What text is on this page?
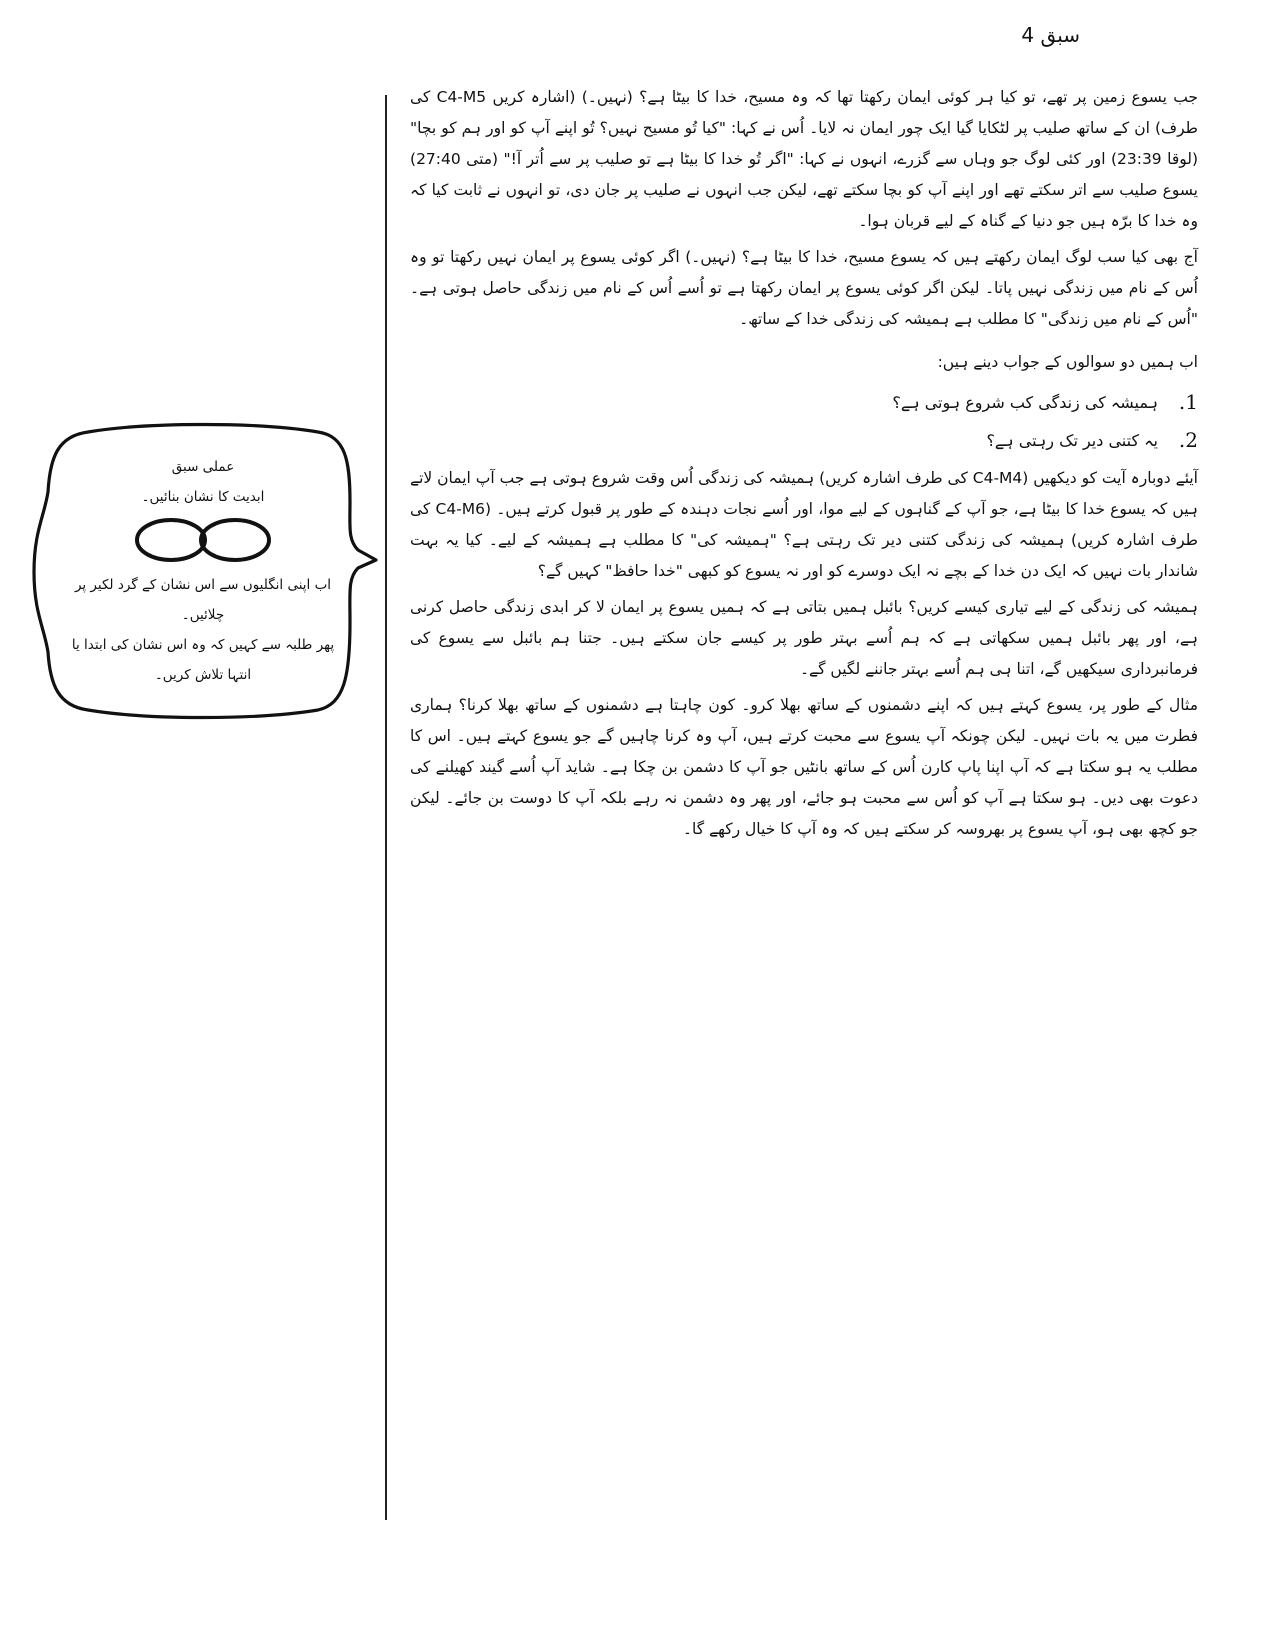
سبق 4

جب یسوع زمین پر تھے، تو کیا ہر کوئی ایمان رکھتا تھا کہ وہ مسیح، خدا کا بیٹا ہے؟ (نہیں۔) (اشارہ کریں C4-M5 کی طرف) ان کے ساتھ صلیب پر لٹکایا گیا ایک چور ایمان نہ لایا۔ اُس نے کہا: "کیا تُو مسیح نہیں؟ تُو اپنے آپ کو اور ہم کو بچا" (لوقا 23:39) اور کئی لوگ جو وہاں سے گزرے، انہوں نے کہا: "اگر تُو خدا کا بیٹا ہے تو صلیب پر سے اُتر آ!" (متی 27:40) یسوع صلیب سے اتر سکتے تھے اور اپنے آپ کو بچا سکتے تھے، لیکن جب انہوں نے صلیب پر جان دی، تو انہوں نے ثابت کیا کہ وہ خدا کا برّہ ہیں جو دنیا کے گناہ کے لیے قربان ہوا۔

آج بھی کیا سب لوگ ایمان رکھتے ہیں کہ یسوع مسیح، خدا کا بیٹا ہے؟ (نہیں۔) اگر کوئی یسوع پر ایمان نہیں رکھتا تو وہ اُس کے نام میں زندگی نہیں پاتا۔ لیکن اگر کوئی یسوع پر ایمان رکھتا ہے تو اُسے اُس کے نام میں زندگی حاصل ہوتی ہے۔ "اُس کے نام میں زندگی" کا مطلب ہے ہمیشہ کی زندگی خدا کے ساتھ۔

اب ہمیں دو سوالوں کے جواب دینے ہیں:

1.
ہمیشہ کی زندگی کب شروع ہوتی ہے؟
2.
یہ کتنی دیر تک رہتی ہے؟

آیئے دوبارہ آیت کو دیکھیں (C4-M4 کی طرف اشارہ کریں) ہمیشہ کی زندگی اُس وقت شروع ہوتی ہے جب آپ ایمان لاتے ہیں کہ یسوع خدا کا بیٹا ہے، جو آپ کے گناہوں کے لیے موا، اور اُسے نجات دہندہ کے طور پر قبول کرتے ہیں۔ (C4-M6 کی طرف اشارہ کریں) ہمیشہ کی زندگی کتنی دیر تک رہتی ہے؟ "ہمیشہ کی" کا مطلب ہے ہمیشہ کے لیے۔ کیا یہ بہت شاندار بات نہیں کہ ایک دن خدا کے بچے نہ ایک دوسرے کو اور نہ یسوع کو کبھی "خدا حافظ" کہیں گے؟

ہمیشہ کی زندگی کے لیے تیاری کیسے کریں؟ بائبل ہمیں بتاتی ہے کہ ہمیں یسوع پر ایمان لا کر ابدی زندگی حاصل کرنی ہے، اور پھر بائبل ہمیں سکھاتی ہے کہ ہم اُسے بہتر طور پر کیسے جان سکتے ہیں۔ جتنا ہم بائبل سے یسوع کی فرمانبرداری سیکھیں گے، اتنا ہی ہم اُسے بہتر جاننے لگیں گے۔

مثال کے طور پر، یسوع کہتے ہیں کہ اپنے دشمنوں کے ساتھ بھلا کرو۔ کون چاہتا ہے دشمنوں کے ساتھ بھلا کرنا؟ ہماری فطرت میں یہ بات نہیں۔ لیکن چونکہ آپ یسوع سے محبت کرتے ہیں، آپ وہ کرنا چاہیں گے جو یسوع کہتے ہیں۔ اس کا مطلب یہ ہو سکتا ہے کہ آپ اپنا پاپ کارن اُس کے ساتھ بانٹیں جو آپ کا دشمن بن چکا ہے۔ شاید آپ اُسے گیند کھیلنے کی دعوت بھی دیں۔ ہو سکتا ہے آپ کو اُس سے محبت ہو جائے، اور پھر وہ دشمن نہ رہے بلکہ آپ کا دوست بن جائے۔ لیکن جو کچھ بھی ہو، آپ یسوع پر بھروسہ کر سکتے ہیں کہ وہ آپ کا خیال رکھے گا۔

عملی سبق
ابدیت کا نشان بنائیں۔
اب اپنی انگلیوں سے اس نشان کے گرد لکیر پر چلائیں۔
پھر طلبہ سے کہیں کہ وہ اس نشان کی ابتدا یا انتہا تلاش کریں۔
